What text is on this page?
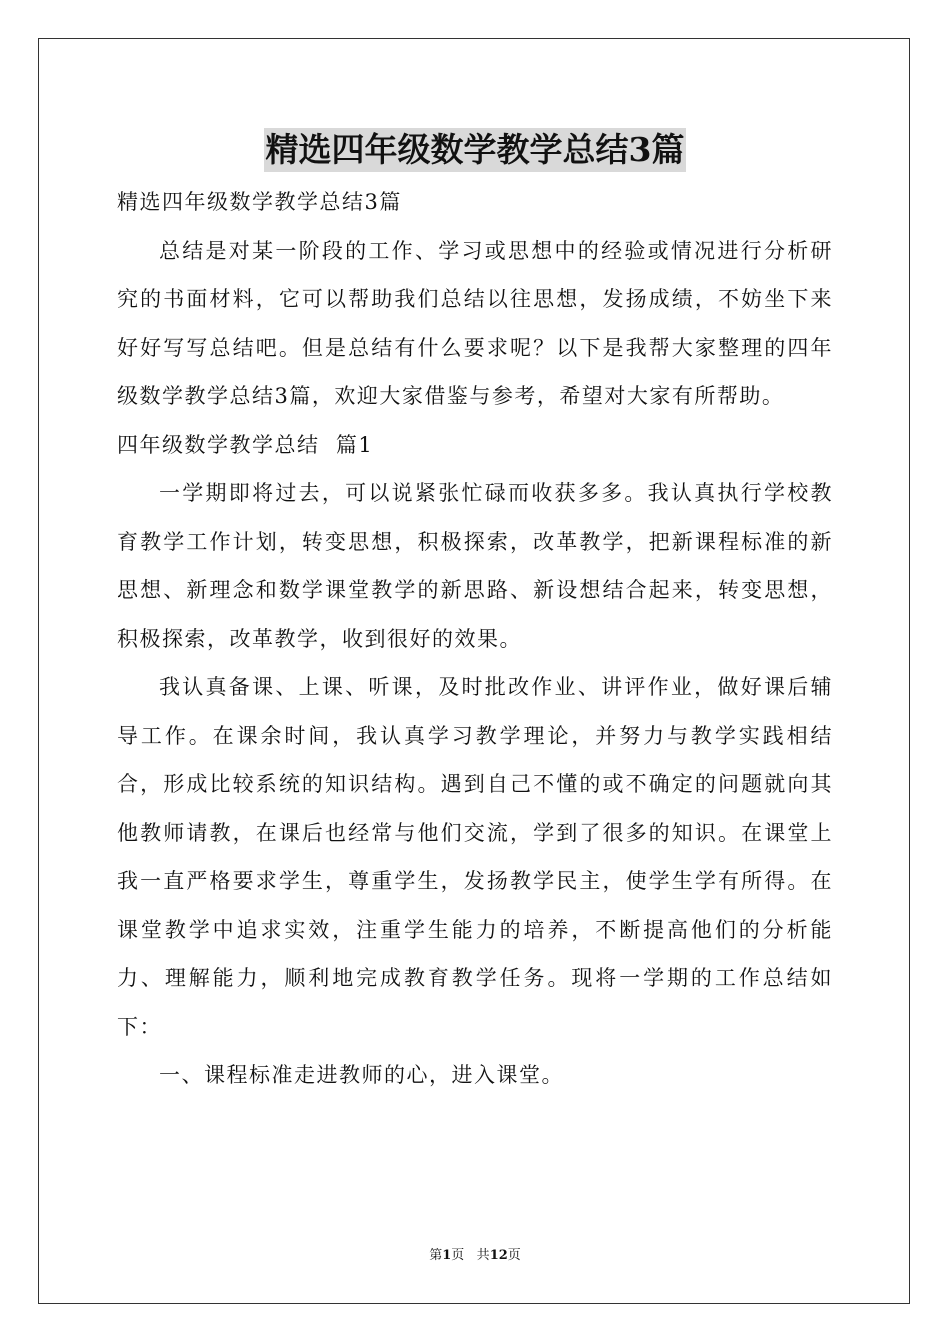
精选四年级数学教学总结3篇

精选四年级数学教学总结3篇

总结是对某一阶段的工作、学习或思想中的经验或情况进行分析研究的书面材料，它可以帮助我们总结以往思想，发扬成绩，不妨坐下来好好写写总结吧。但是总结有什么要求呢？以下是我帮大家整理的四年级数学教学总结3篇，欢迎大家借鉴与参考，希望对大家有所帮助。

四年级数学教学总结  篇1

一学期即将过去，可以说紧张忙碌而收获多多。我认真执行学校教育教学工作计划，转变思想，积极探索，改革教学，把新课程标准的新思想、新理念和数学课堂教学的新思路、新设想结合起来，转变思想，积极探索，改革教学，收到很好的效果。

我认真备课、上课、听课，及时批改作业、讲评作业，做好课后辅导工作。在课余时间，我认真学习教学理论，并努力与教学实践相结合，形成比较系统的知识结构。遇到自己不懂的或不确定的问题就向其他教师请教，在课后也经常与他们交流，学到了很多的知识。在课堂上我一直严格要求学生，尊重学生，发扬教学民主，使学生学有所得。在课堂教学中追求实效，注重学生能力的培养，不断提高他们的分析能力、理解能力，顺利地完成教育教学任务。现将一学期的工作总结如下：

一、课程标准走进教师的心，进入课堂。

第1页 共12页
